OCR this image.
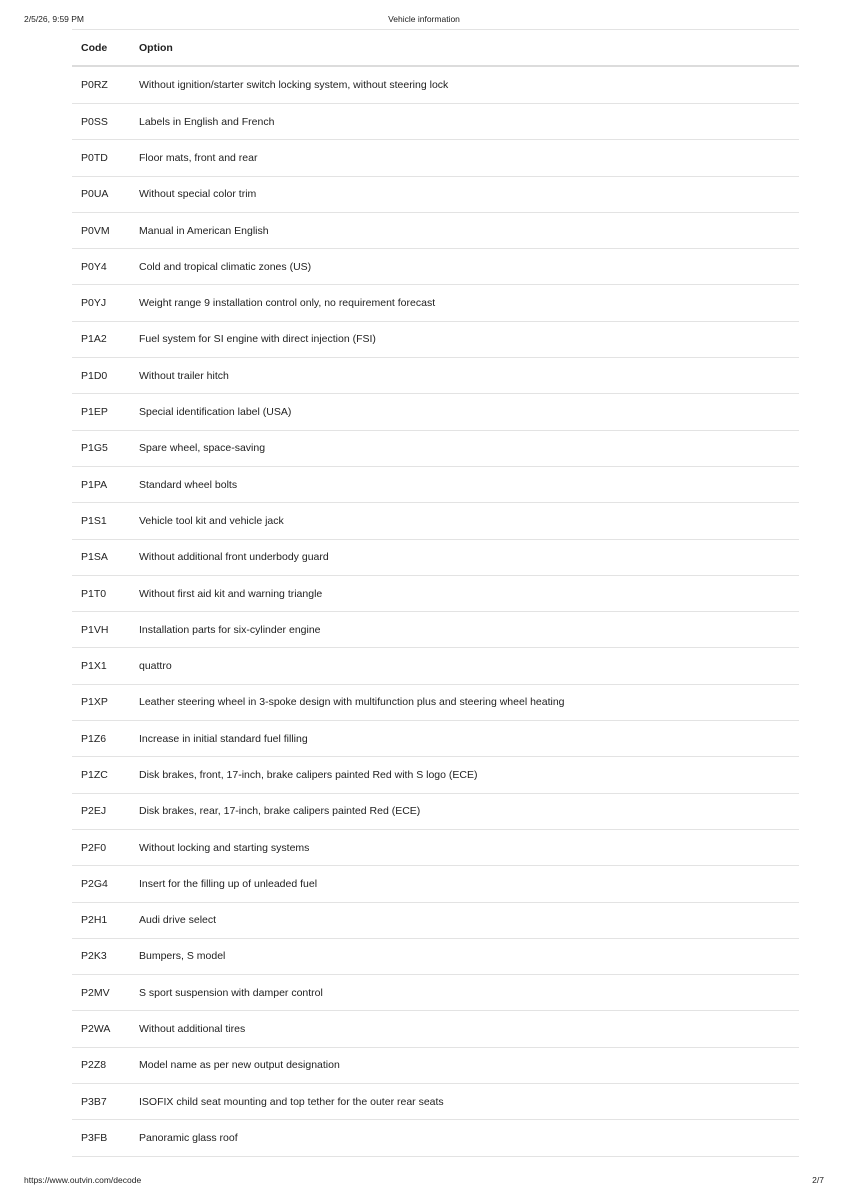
2/5/26, 9:59 PM	Vehicle information
Code	Option
P0RZ	Without ignition/starter switch locking system, without steering lock
P0SS	Labels in English and French
P0TD	Floor mats, front and rear
P0UA	Without special color trim
P0VM	Manual in American English
P0Y4	Cold and tropical climatic zones (US)
P0YJ	Weight range 9 installation control only, no requirement forecast
P1A2	Fuel system for SI engine with direct injection (FSI)
P1D0	Without trailer hitch
P1EP	Special identification label (USA)
P1G5	Spare wheel, space-saving
P1PA	Standard wheel bolts
P1S1	Vehicle tool kit and vehicle jack
P1SA	Without additional front underbody guard
P1T0	Without first aid kit and warning triangle
P1VH	Installation parts for six-cylinder engine
P1X1	quattro
P1XP	Leather steering wheel in 3-spoke design with multifunction plus and steering wheel heating
P1Z6	Increase in initial standard fuel filling
P1ZC	Disk brakes, front, 17-inch, brake calipers painted Red with S logo (ECE)
P2EJ	Disk brakes, rear, 17-inch, brake calipers painted Red (ECE)
P2F0	Without locking and starting systems
P2G4	Insert for the filling up of unleaded fuel
P2H1	Audi drive select
P2K3	Bumpers, S model
P2MV	S sport suspension with damper control
P2WA	Without additional tires
P2Z8	Model name as per new output designation
P3B7	ISOFIX child seat mounting and top tether for the outer rear seats
P3FB	Panoramic glass roof
https://www.outvin.com/decode	2/7
